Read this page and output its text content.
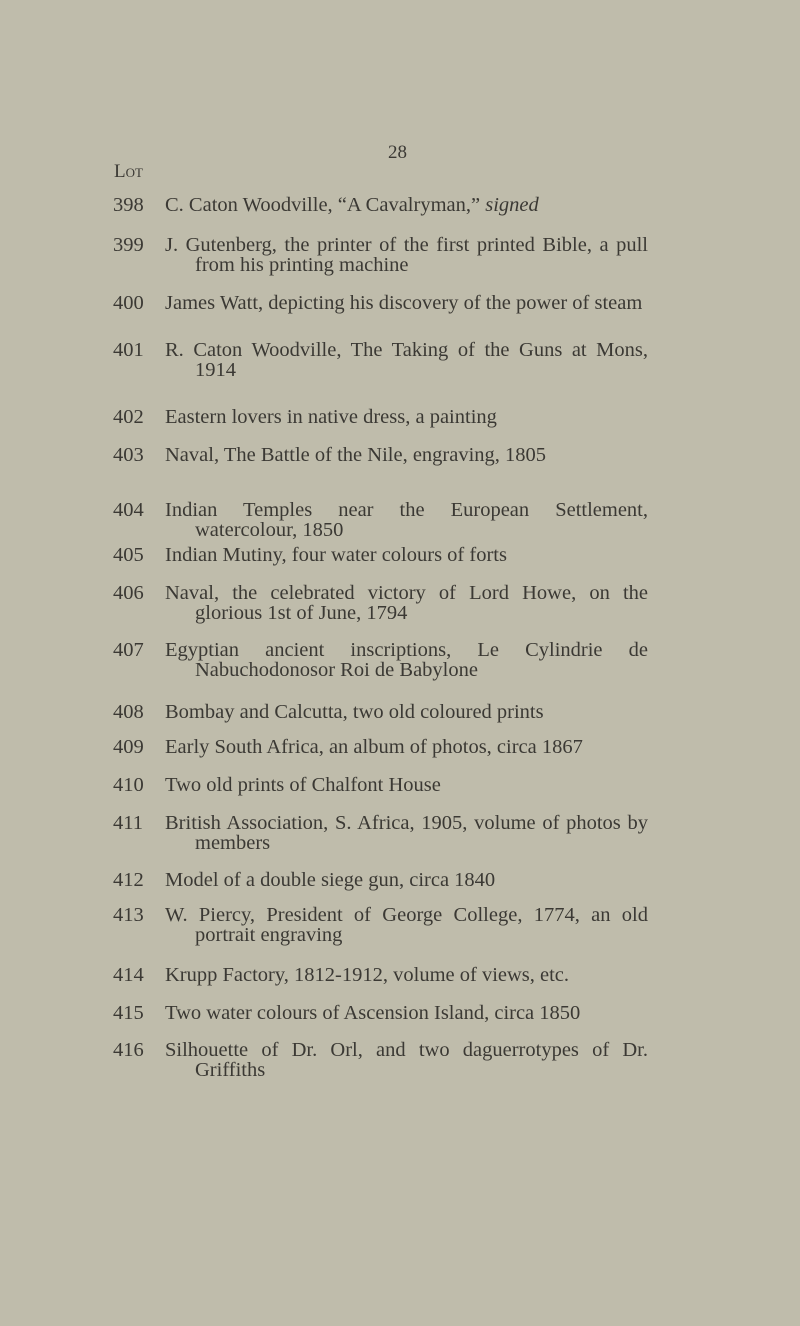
28
Lot
398 C. Caton Woodville, “A Cavalryman,” signed
399 J. Gutenberg, the printer of the first printed Bible, a pull from his printing machine
400 James Watt, depicting his discovery of the power of steam
401 R. Caton Woodville, The Taking of the Guns at Mons, 1914
402 Eastern lovers in native dress, a painting
403 Naval, The Battle of the Nile, engraving, 1805
404 Indian Temples near the European Settlement, watercolour, 1850
405 Indian Mutiny, four water colours of forts
406 Naval, the celebrated victory of Lord Howe, on the glorious 1st of June, 1794
407 Egyptian ancient inscriptions, Le Cylindrie de Nabuchodonosor Roi de Babylone
408 Bombay and Calcutta, two old coloured prints
409 Early South Africa, an album of photos, circa 1867
410 Two old prints of Chalfont House
411 British Association, S. Africa, 1905, volume of photos by members
412 Model of a double siege gun, circa 1840
413 W. Piercy, President of George College, 1774, an old portrait engraving
414 Krupp Factory, 1812-1912, volume of views, etc.
415 Two water colours of Ascension Island, circa 1850
416 Silhouette of Dr. Orl, and two daguerrotypes of Dr. Griffiths
